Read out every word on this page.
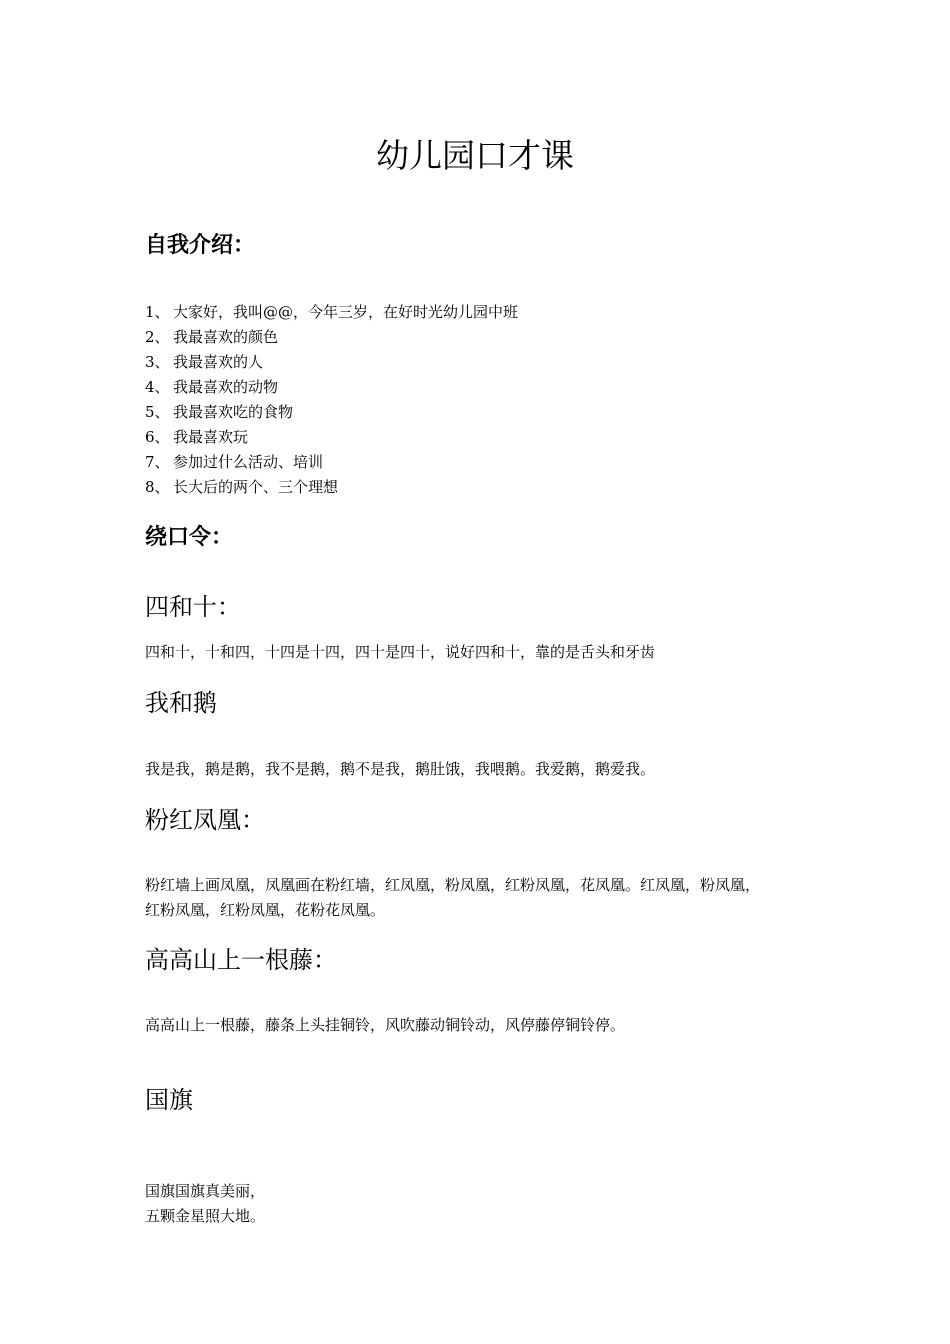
幼儿园口才课
自我介绍：
1、 大家好，我叫@@，今年三岁，在好时光幼儿园中班
2、 我最喜欢的颜色
3、 我最喜欢的人
4、 我最喜欢的动物
5、 我最喜欢吃的食物
6、 我最喜欢玩
7、 参加过什么活动、培训
8、 长大后的两个、三个理想
绕口令：
四和十：
四和十，十和四，十四是十四，四十是四十，说好四和十，靠的是舌头和牙齿
我和鹅
我是我，鹅是鹅，我不是鹅，鹅不是我，鹅肚饿，我喂鹅。我爱鹅，鹅爱我。
粉红凤凰：
粉红墙上画凤凰，凤凰画在粉红墙，红凤凰，粉凤凰，红粉凤凰，花凤凰。红凤凰，粉凤凰，
红粉凤凰，红粉凤凰，花粉花凤凰。
高高山上一根藤：
高高山上一根藤，藤条上头挂铜铃，风吹藤动铜铃动，风停藤停铜铃停。
国旗
国旗国旗真美丽，
五颗金星照大地。
